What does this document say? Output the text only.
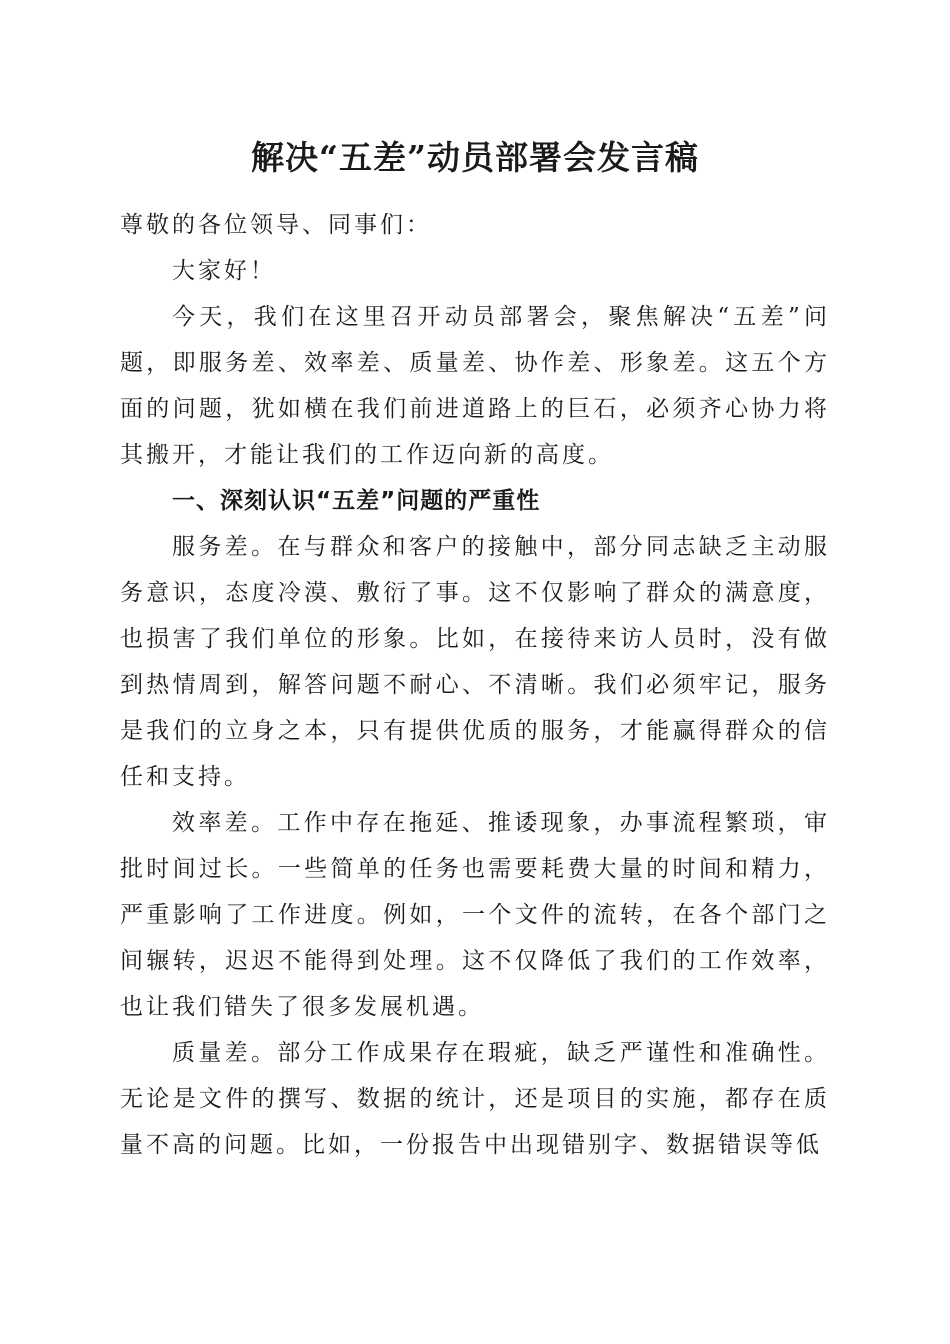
解决“五差”动员部署会发言稿

尊敬的各位领导、同事们：

大家好！

今天，我们在这里召开动员部署会，聚焦解决“五差”问题，即服务差、效率差、质量差、协作差、形象差。这五个方面的问题，犹如横在我们前进道路上的巨石，必须齐心协力将其搬开，才能让我们的工作迈向新的高度。

一、深刻认识“五差”问题的严重性

服务差。在与群众和客户的接触中，部分同志缺乏主动服务意识，态度冷漠、敷衍了事。这不仅影响了群众的满意度，也损害了我们单位的形象。比如，在接待来访人员时，没有做到热情周到，解答问题不耐心、不清晰。我们必须牢记，服务是我们的立身之本，只有提供优质的服务，才能赢得群众的信任和支持。

效率差。工作中存在拖延、推诿现象，办事流程繁琐，审批时间过长。一些简单的任务也需要耗费大量的时间和精力，严重影响了工作进度。例如，一个文件的流转，在各个部门之间辗转，迟迟不能得到处理。这不仅降低了我们的工作效率，也让我们错失了很多发展机遇。

质量差。部分工作成果存在瑕疵，缺乏严谨性和准确性。无论是文件的撰写、数据的统计，还是项目的实施，都存在质量不高的问题。比如，一份报告中出现错别字、数据错误等低
